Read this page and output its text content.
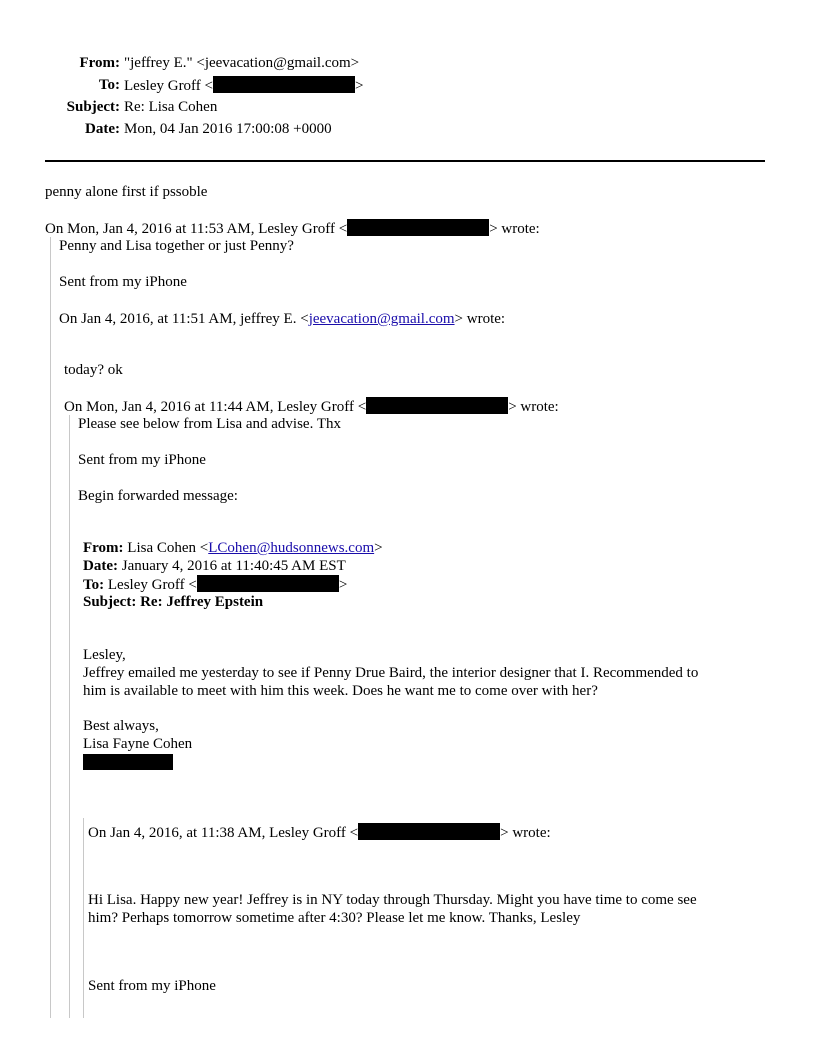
From: "jeffrey E." <jeevacation@gmail.com>
To: Lesley Groff <	>
Subject: Re: Lisa Cohen
Date: Mon, 04 Jan 2016 17:00:08 +0000
penny alone first if pssoble
On Mon, Jan 4, 2016 at 11:53 AM, Lesley Groff <	> wrote:
Penny and Lisa together or just Penny?
Sent from my iPhone
On Jan 4, 2016, at 11:51 AM, jeffrey E. <jeevacation@gmail.com> wrote:
today? ok
On Mon, Jan 4, 2016 at 11:44 AM, Lesley Groff <	> wrote:
Please see below from Lisa and advise. Thx
Sent from my iPhone
Begin forwarded message:
From: Lisa Cohen <LCohen@hudsonnews.com>
Date: January 4, 2016 at 11:40:45 AM EST
To: Lesley Groff <	>
Subject: Re: Jeffrey Epstein
Lesley,
Jeffrey emailed me yesterday to see if Penny Drue Baird, the interior designer that I. Recommended to
him is available to meet with him this week. Does he want me to come over with her?
Best always,
Lisa Fayne Cohen
On Jan 4, 2016, at 11:38 AM, Lesley Groff <	> wrote:
Hi Lisa. Happy new year! Jeffrey is in NY today through Thursday. Might you have time to come see
him? Perhaps tomorrow sometime after 4:30? Please let me know. Thanks, Lesley
Sent from my iPhone
